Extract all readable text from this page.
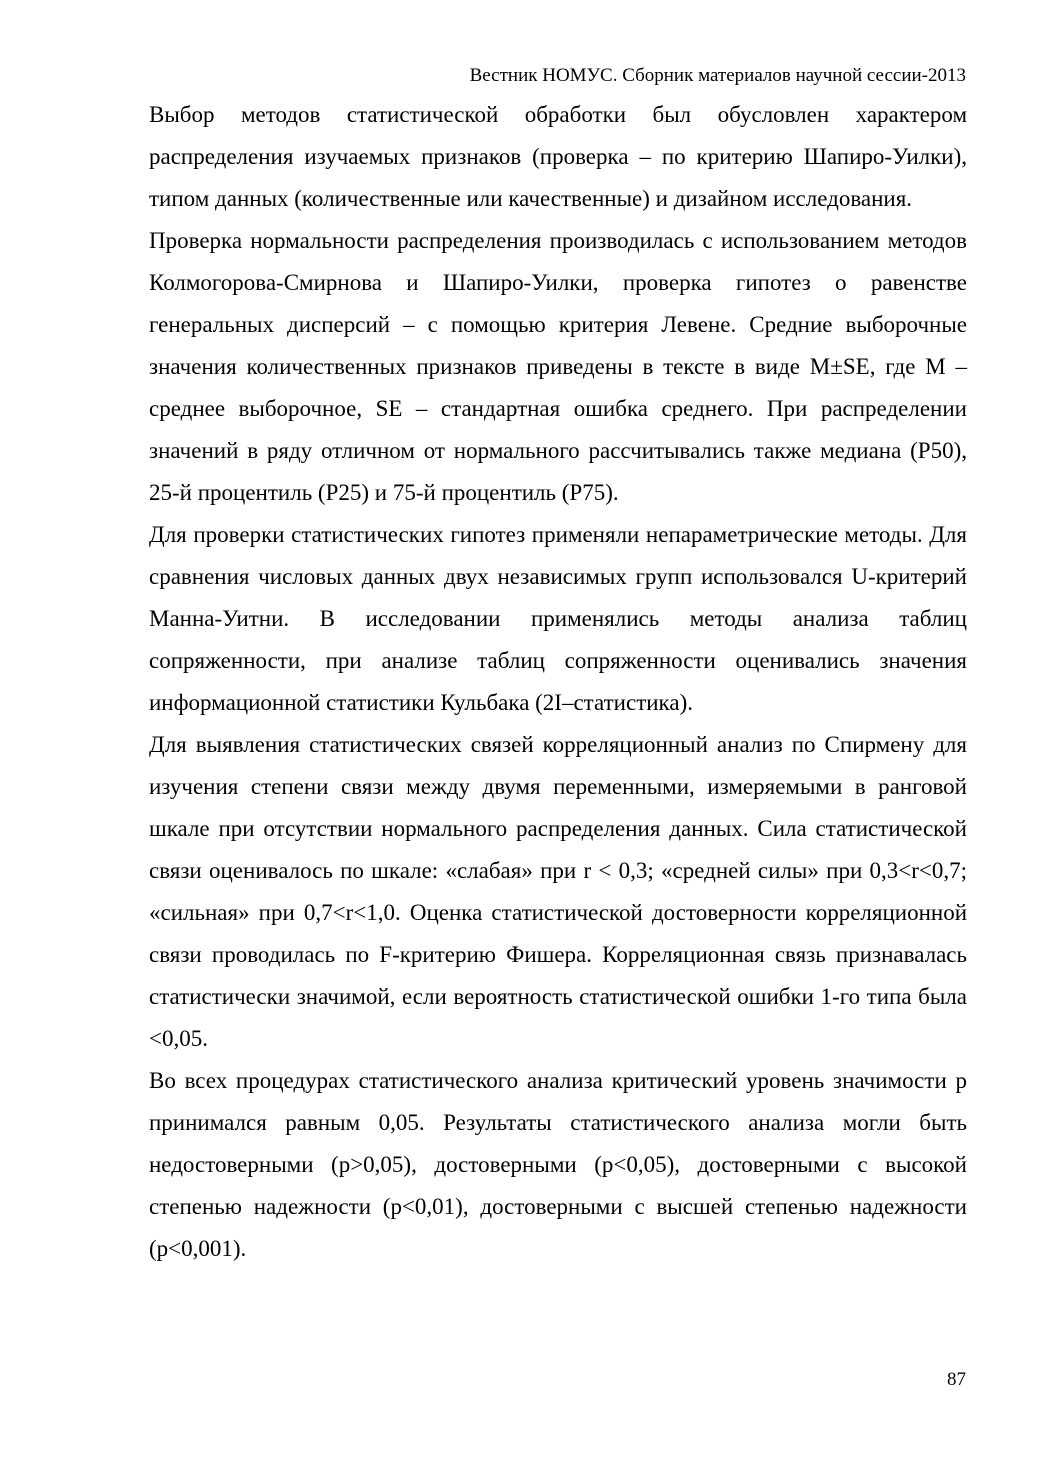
Вестник НОМУС. Сборник материалов научной сессии-2013

Выбор методов статистической обработки был обусловлен характером распределения изучаемых признаков (проверка – по критерию Шапиро-Уилки), типом данных (количественные или качественные) и дизайном исследования.

Проверка нормальности распределения производилась с использованием методов Колмогорова-Смирнова и Шапиро-Уилки, проверка гипотез о равенстве генеральных дисперсий – с помощью критерия Левене. Средние выборочные значения количественных признаков приведены в тексте в виде M±SE, где M – среднее выборочное, SE – стандартная ошибка среднего. При распределении значений в ряду отличном от нормального рассчитывались также медиана (P50), 25-й процентиль (P25) и 75-й процентиль (P75).

Для проверки статистических гипотез применяли непараметрические методы. Для сравнения числовых данных двух независимых групп использовался U-критерий Манна-Уитни. В исследовании применялись методы анализа таблиц сопряженности, при анализе таблиц сопряженности оценивались значения информационной статистики Кульбака (2I–статистика).

Для выявления статистических связей корреляционный анализ по Спирмену для изучения степени связи между двумя переменными, измеряемыми в ранговой шкале при отсутствии нормального распределения данных. Сила статистической связи оценивалось по шкале: «слабая» при r < 0,3; «средней силы» при 0,3<r<0,7; «сильная» при 0,7<r<1,0. Оценка статистической достоверности корреляционной связи проводилась по F-критерию Фишера. Корреляционная связь признавалась статистически значимой, если вероятность статистической ошибки 1-го типа была <0,05.

Во всех процедурах статистического анализа критический уровень значимости p принимался равным 0,05. Результаты статистического анализа могли быть недостоверными (p>0,05), достоверными (p<0,05), достоверными с высокой степенью надежности (p<0,01), достоверными с высшей степенью надежности (p<0,001).

87
